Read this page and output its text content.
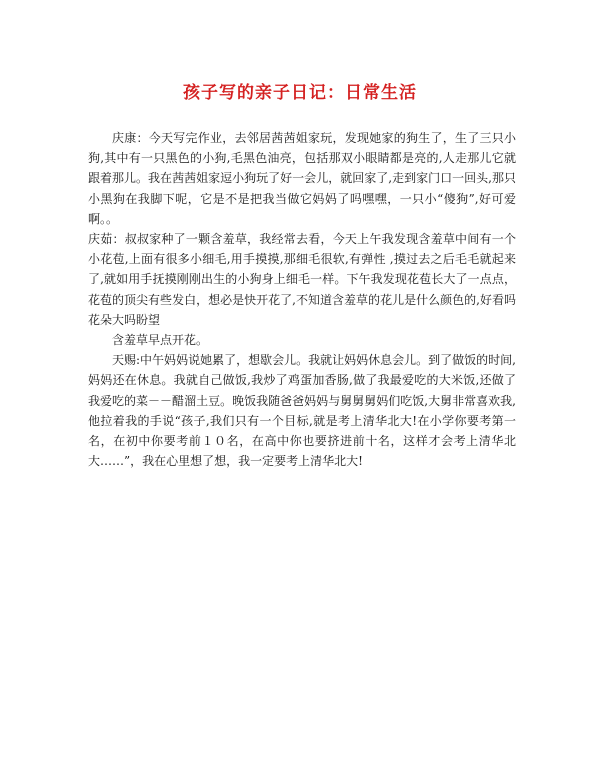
孩子写的亲子日记：日常生活

庆康：今天写完作业，去邻居茜茜姐家玩，发现她家的狗生了，生了三只小狗,其中有一只黑色的小狗,毛黑色油亮，包括那双小眼睛都是亮的,人走那儿它就跟着那儿。我在茜茜姐家逗小狗玩了好一会儿，就回家了,走到家门口一回头,那只小黑狗在我脚下呢，它是不是把我当做它妈妈了吗嘿嘿，一只小“傻狗”,好可爱啊。。

庆茹：叔叔家种了一颗含羞草，我经常去看，今天上午我发现含羞草中间有一个小花苞,上面有很多小细毛,用手摸摸,那细毛很软,有弹性 ,摸过去之后毛毛就起来了,就如用手抚摸刚刚出生的小狗身上细毛一样。下午我发现花苞长大了一点点，花苞的顶尖有些发白，想必是快开花了,不知道含羞草的花儿是什么颜色的,好看吗花朵大吗盼望

含羞草早点开花。

天赐:中午妈妈说她累了，想歇会儿。我就让妈妈休息会儿。到了做饭的时间,妈妈还在休息。我就自己做饭,我炒了鸡蛋加香肠,做了我最爱吃的大米饭,还做了我爱吃的菜－－醋溜土豆。晚饭我随爸爸妈妈与舅舅舅妈们吃饭,大舅非常喜欢我,他拉着我的手说“孩子,我们只有一个目标,就是考上清华北大!在小学你要考第一名，在初中你要考前１０名，在高中你也要挤进前十名，这样才会考上清华北大……”，我在心里想了想，我一定要考上清华北大!
